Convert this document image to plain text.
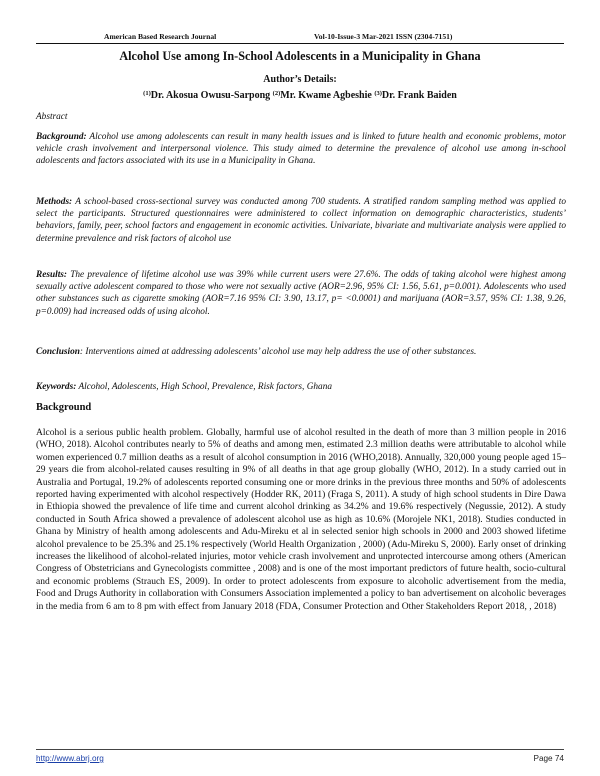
American Based Research Journal	Vol-10-Issue-3 Mar-2021 ISSN (2304-7151)
Alcohol Use among In-School Adolescents in a Municipality in Ghana
Author’s Details:
$^{(1)}$Dr. Akosua Owusu-Sarpong $^{(2)}$Mr. Kwame Agbeshie $^{(3)}$Dr. Frank Baiden
Abstract
Background: Alcohol use among adolescents can result in many health issues and is linked to future health and economic problems, motor vehicle crash involvement and interpersonal violence. This study aimed to determine the prevalence of alcohol use among in-school adolescents and factors associated with its use in a Municipality in Ghana.
Methods: A school-based cross-sectional survey was conducted among 700 students. A stratified random sampling method was applied to select the participants. Structured questionnaires were administered to collect information on demographic characteristics, students’ behaviors, family, peer, school factors and engagement in economic activities. Univariate, bivariate and multivariate analysis were applied to determine prevalence and risk factors of alcohol use
Results: The prevalence of lifetime alcohol use was 39% while current users were 27.6%. The odds of taking alcohol were highest among sexually active adolescent compared to those who were not sexually active (AOR=2.96, 95% CI: 1.56, 5.61, p=0.001). Adolescents who used other substances such as cigarette smoking (AOR=7.16 95% CI: 3.90, 13.17, p= <0.0001) and marijuana (AOR=3.57, 95% CI: 1.38, 9.26, p=0.009) had increased odds of using alcohol.
Conclusion: Interventions aimed at addressing adolescents’ alcohol use may help address the use of other substances.
Keywords: Alcohol, Adolescents, High School, Prevalence, Risk factors, Ghana
Background
Alcohol is a serious public health problem. Globally, harmful use of alcohol resulted in the death of more than 3 million people in 2016 (WHO, 2018). Alcohol contributes nearly to 5% of deaths and among men, estimated 2.3 million deaths were attributable to alcohol while women experienced 0.7 million deaths as a result of alcohol consumption in 2016 (WHO,2018). Annually, 320,000 young people aged 15–29 years die from alcohol-related causes resulting in 9% of all deaths in that age group globally (WHO, 2012). In a study carried out in Australia and Portugal, 19.2% of adolescents reported consuming one or more drinks in the previous three months and 50% of adolescents reported having experimented with alcohol respectively (Hodder RK, 2011) (Fraga S, 2011). A study of high school students in Dire Dawa in Ethiopia showed the prevalence of life time and current alcohol drinking as 34.2% and 19.6% respectively (Negussie, 2012). A study conducted in South Africa showed a prevalence of adolescent alcohol use as high as 10.6% (Morojele NK1, 2018). Studies conducted in Ghana by Ministry of health among adolescents and Adu-Mireku et al in selected senior high schools in 2000 and 2003 showed lifetime alcohol prevalence to be 25.3% and 25.1% respectively (World Health Organization , 2000) (Adu-Mireku S, 2000). Early onset of drinking increases the likelihood of alcohol-related injuries, motor vehicle crash involvement and unprotected intercourse among others (American Congress of Obstetricians and Gynecologists committee , 2008) and is one of the most important predictors of future health, socio-cultural and economic problems (Strauch ES, 2009). In order to protect adolescents from exposure to alcoholic advertisement from the media, Food and Drugs Authority in collaboration with Consumers Association implemented a policy to ban advertisement on alcoholic beverages in the media from 6 am to 8 pm with effect from January 2018 (FDA, Consumer Protection and Other Stakeholders Report 2018, , 2018)
http://www.abrj.org	Page 74
